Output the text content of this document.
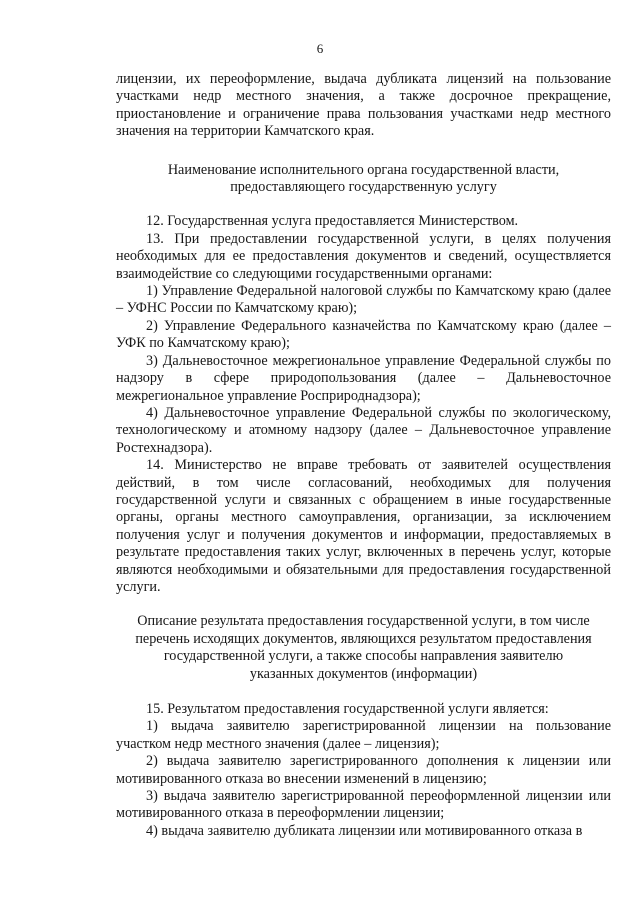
6

лицензии, их переоформление, выдача дубликата лицензий на пользование участками недр местного значения, а также досрочное прекращение, приостановление и ограничение права пользования участками недр местного значения на территории Камчатского края.

Наименование исполнительного органа государственной власти,
предоставляющего государственную услугу

12. Государственная услуга предоставляется Министерством.

13. При предоставлении государственной услуги, в целях получения необходимых для ее предоставления документов и сведений, осуществляется взаимодействие со следующими государственными органами:

1) Управление Федеральной налоговой службы по Камчатскому краю (далее – УФНС России по Камчатскому краю);

2) Управление Федерального казначейства по Камчатскому краю (далее – УФК по Камчатскому краю);

3) Дальневосточное межрегиональное управление Федеральной службы по надзору в сфере природопользования (далее – Дальневосточное межрегиональное управление Росприроднадзора);

4) Дальневосточное управление Федеральной службы по экологическому, технологическому и атомному надзору (далее – Дальневосточное управление Ростехнадзора).

14. Министерство не вправе требовать от заявителей осуществления действий, в том числе согласований, необходимых для получения государственной услуги и связанных с обращением в иные государственные органы, органы местного самоуправления, организации, за исключением получения услуг и получения документов и информации, предоставляемых в результате предоставления таких услуг, включенных в перечень услуг, которые являются необходимыми и обязательными для предоставления государственной услуги.

Описание результата предоставления государственной услуги, в том числе
перечень исходящих документов, являющихся результатом предоставления
государственной услуги, а также способы направления заявителю
указанных документов (информации)

15. Результатом предоставления государственной услуги является:

1) выдача заявителю зарегистрированной лицензии на пользование участком недр местного значения (далее – лицензия);

2) выдача заявителю зарегистрированного дополнения к лицензии или мотивированного отказа во внесении изменений в лицензию;

3) выдача заявителю зарегистрированной переоформленной лицензии или мотивированного отказа в переоформлении лицензии;

4) выдача заявителю дубликата лицензии или мотивированного отказа в
